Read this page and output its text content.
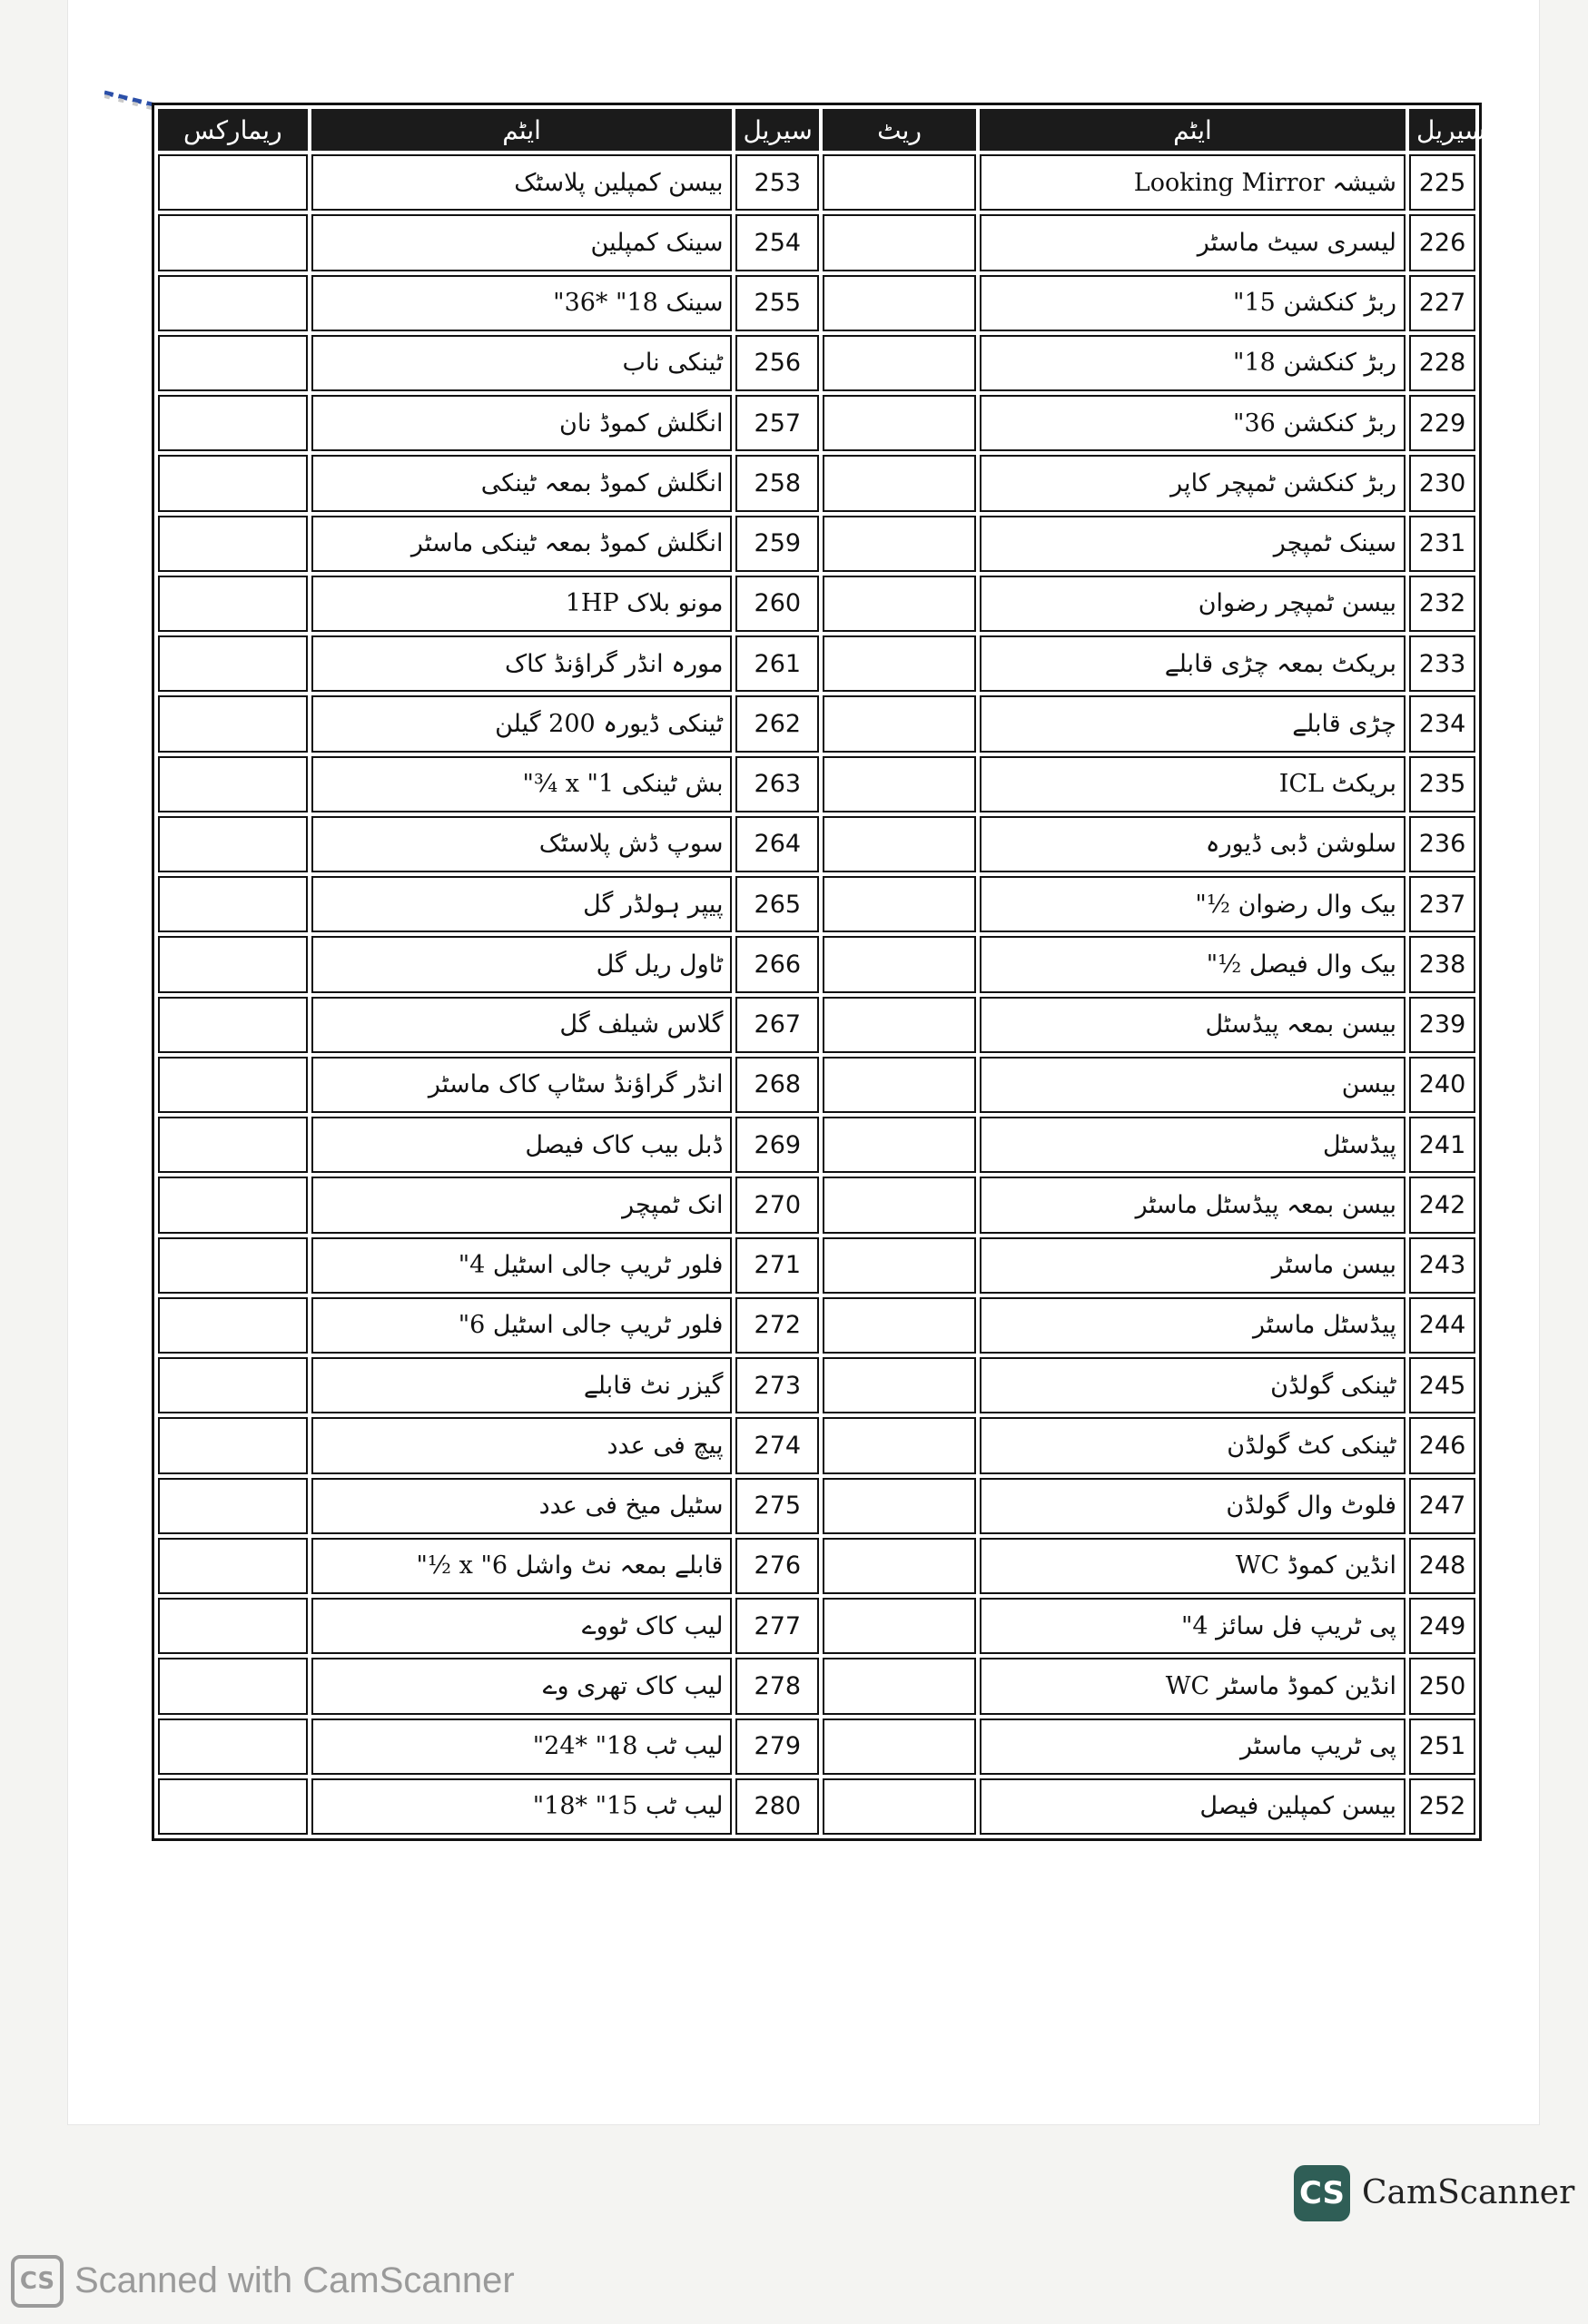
ریمارکس	ایٹم	سیریل	ریٹ	ایٹم	سیریل
	بیسن کمپلین پلاسٹک	253		شیشہ Looking Mirror	225
	سینک کمپلین	254		لیسری سیٹ ماسٹر	226
	سینک 18" *36"	255		ربڑ کنکشن 15"	227
	ٹینکی ناب	256		ربڑ کنکشن 18"	228
	انگلش کموڈ نان	257		ربڑ کنکشن 36"	229
	انگلش کموڈ بمعہ ٹینکی	258		ربڑ کنکشن ٹمپچر کاپر	230
	انگلش کموڈ بمعہ ٹینکی ماسٹر	259		سینک ٹمپچر	231
	مونو بلاک 1HP	260		بیسن ٹمپچر رضوان	232
	مورہ انڈر گراؤنڈ کاک	261		بریکٹ بمعہ چڑی قابلے	233
	ٹینکی ڈیورہ 200 گیلن	262		چڑی قابلے	234
	بش ٹینکی 1" x ¾"	263		بریکٹ ICL	235
	سوپ ڈش پلاسٹک	264		سلوشن ڈبی ڈیورہ	236
	پیپر ہولڈر گل	265		بیک وال رضوان ½"	237
	ٹاول ریل گل	266		بیک وال فیصل ½"	238
	گلاس شیلف گل	267		بیسن بمعہ پیڈسٹل	239
	انڈر گراؤنڈ سٹاپ کاک ماسٹر	268		بیسن	240
	ڈبل بیب کاک فیصل	269		پیڈسٹل	241
	انک ٹمپچر	270		بیسن بمعہ پیڈسٹل ماسٹر	242
	فلور ٹریپ جالی اسٹیل 4"	271		بیسن ماسٹر	243
	فلور ٹریپ جالی اسٹیل 6"	272		پیڈسٹل ماسٹر	244
	گیزر نٹ قابلے	273		ٹینکی گولڈن	245
	پیچ فی عدد	274		ٹینکی کٹ گولڈن	246
	سٹیل میخ فی عدد	275		فلوٹ وال گولڈن	247
	قابلے بمعہ نٹ واشل 6" x ½"	276		انڈین کموڈ WC	248
	لیب کاک ٹووے	277		پی ٹریپ فل سائز 4"	249
	لیب کاک تھری وے	278		انڈین کموڈ ماسٹر WC	250
	لیب ٹب 18" *24"	279		پی ٹریپ ماسٹر	251
	لیب ٹب 15" *18"	280		بیسن کمپلین فیصل	252
CS CamScanner
CS Scanned with CamScanner
